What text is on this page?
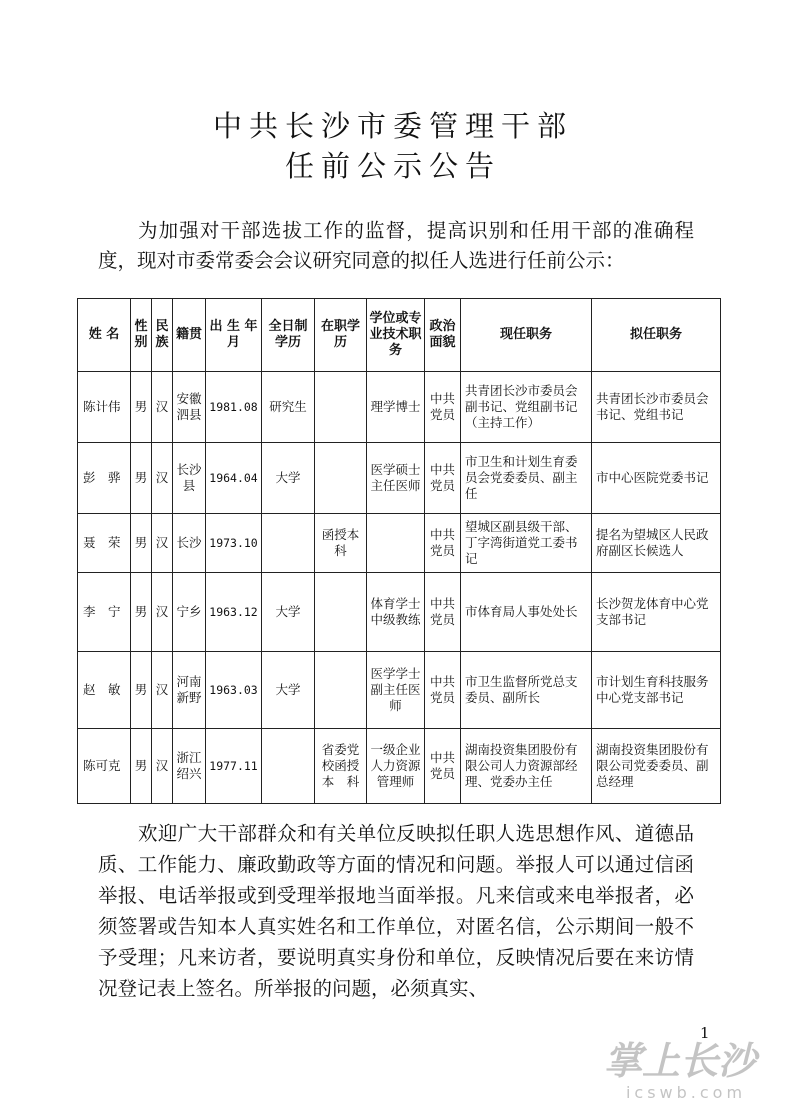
中共长沙市委管理干部
任前公示公告

为加强对干部选拔工作的监督，提高识别和任用干部的准确程度，现对市委常委会会议研究同意的拟任人选进行任前公示：

姓 名	性别	民族	籍贯	出 生 年 月	全日制学历	在职学历	学位或专业技术职务	政治面貌	现任职务	拟任职务
陈计伟	男	汉	安徽泗县	1981.08	研究生		理学博士	中共党员	共青团长沙市委员会副书记、党组副书记（主持工作）	共青团长沙市委员会书记、党组书记
彭　骅	男	汉	长沙县	1964.04	大学		医学硕士主任医师	中共党员	市卫生和计划生育委员会党委委员、副主任	市中心医院党委书记
聂　荣	男	汉	长沙	1973.10		函授本科		中共党员	望城区副县级干部、丁字湾街道党工委书记	提名为望城区人民政府副区长候选人
李　宁	男	汉	宁乡	1963.12	大学		体育学士中级教练	中共党员	市体育局人事处处长	长沙贺龙体育中心党支部书记
赵　敏	男	汉	河南新野	1963.03	大学		医学学士副主任医师	中共党员	市卫生监督所党总支委员、副所长	市计划生育科技服务中心党支部书记
陈可克	男	汉	浙江绍兴	1977.11		省委党校函授本　科	一级企业人力资源管理师	中共党员	湖南投资集团股份有限公司人力资源部经理、党委办主任	湖南投资集团股份有限公司党委委员、副总经理

欢迎广大干部群众和有关单位反映拟任职人选思想作风、道德品质、工作能力、廉政勤政等方面的情况和问题。举报人可以通过信函举报、电话举报或到受理举报地当面举报。凡来信或来电举报者，必须签署或告知本人真实姓名和工作单位，对匿名信，公示期间一般不予受理；凡来访者，要说明真实身份和单位，反映情况后要在来访情况登记表上签名。所举报的问题，必须真实、

1
掌上长沙
icswb.com
